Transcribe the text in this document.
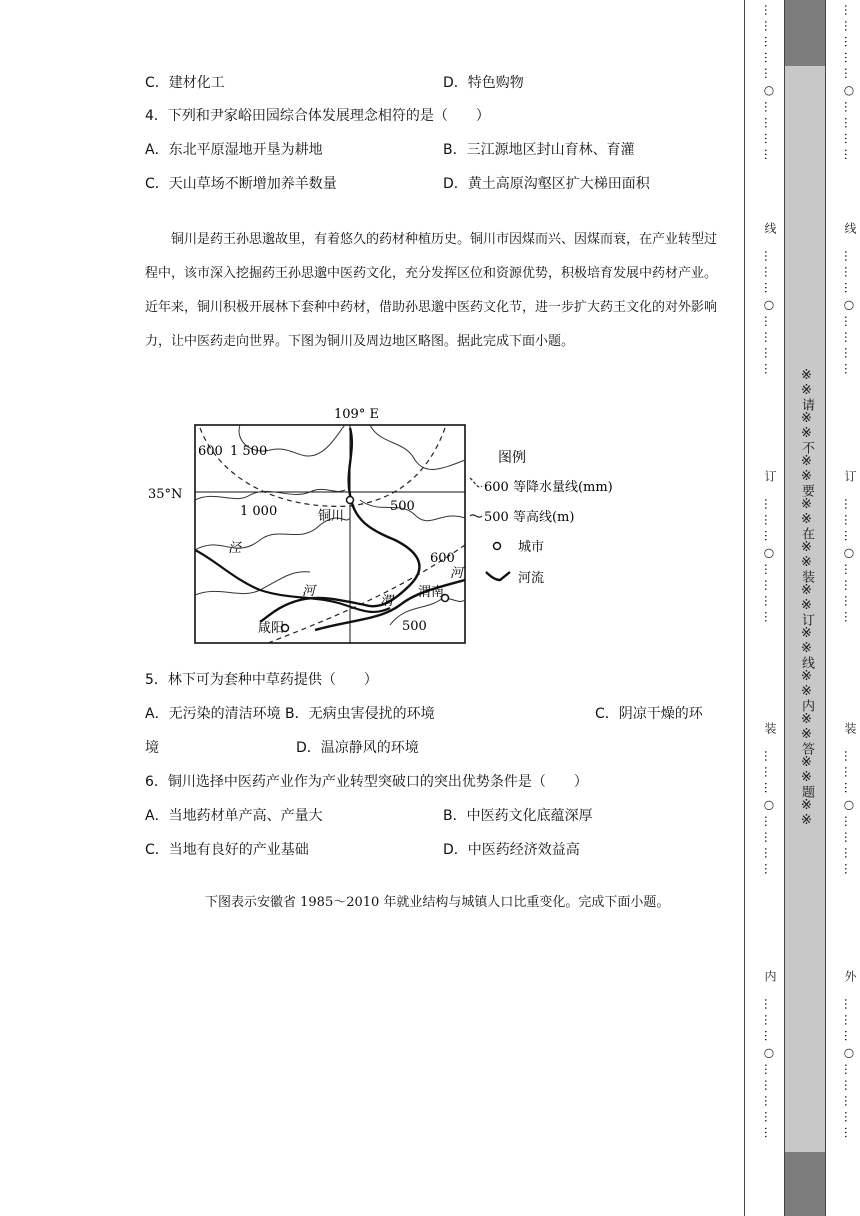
C．建材化工	D．特色购物
4．下列和尹家峪田园综合体发展理念相符的是（　　）
A．东北平原湿地开垦为耕地	B．三江源地区封山育林、育灌
C．天山草场不断增加养羊数量	D．黄土高原沟壑区扩大梯田面积
铜川是药王孙思邈故里，有着悠久的药材种植历史。铜川市因煤而兴、因煤而衰，在产业转型过程中，该市深入挖掘药王孙思邈中医药文化，充分发挥区位和资源优势，积极培育发展中药材产业。近年来，铜川积极开展林下套种中药材，借助孙思邈中医药文化节，进一步扩大药王文化的对外影响力，让中医药走向世界。下图为铜川及周边地区略图。据此完成下面小题。
109° E
35°N
600 1 500
1 000	500
600
500
铜川
渭南
咸阳
泾
河
渭
河
图例
600 等降水量线(mm)
500 等高线(m)
城市
河流
5．林下可为套种中草药提供（　　）
A．无污染的清洁环境 B．无病虫害侵扰的环境	C．阴凉干燥的环
境	D．温凉静风的环境
6．铜川选择中医药产业作为产业转型突破口的突出优势条件是（　　）
A．当地药材单产高、产量大	B．中医药文化底蕴深厚
C．当地有良好的产业基础	D．中医药经济效益高
下图表示安徽省 1985～2010 年就业结构与城镇人口比重变化。完成下面小题。
… … … … … ○ … … … …
线
… … … ○ … … … …
订
… … … ○ … … … …
装
… … … ○ … … … …
内
… … … ○ … … … … …
※※请※※不※※要※※在※※装※※订※※线※※内※※答※※题※※
… … … … … ○ … … … …
线
… … … ○ … … … …
订
… … … ○ … … … …
装
… … … ○ … … … …
外
… … … ○ … … … … …
